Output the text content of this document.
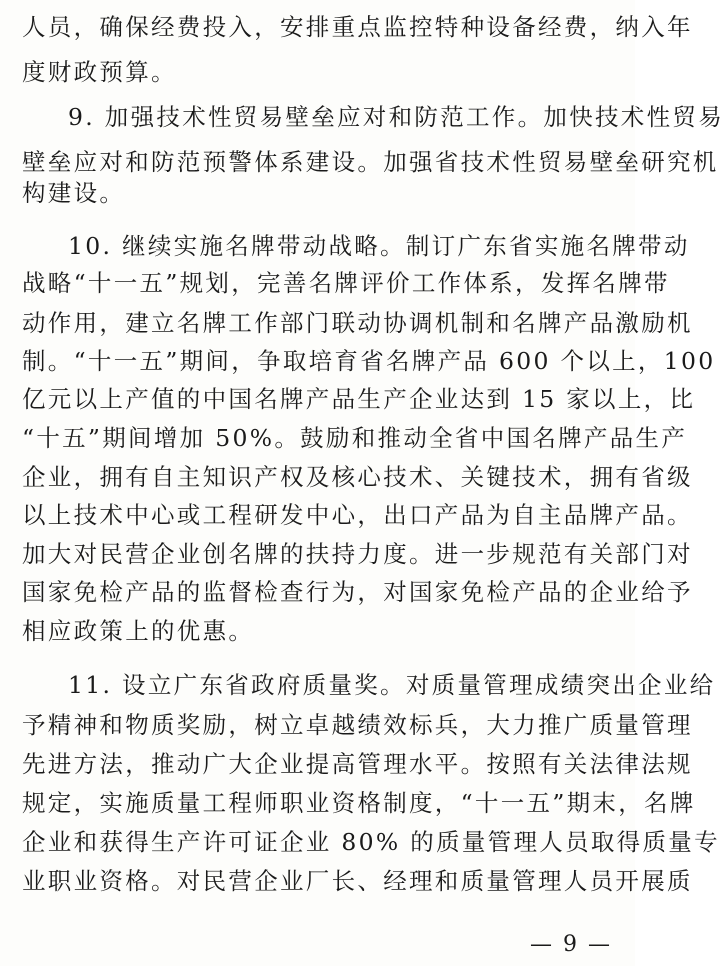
人员，确保经费投入，安排重点监控特种设备经费，纳入年
度财政预算。
9. 加强技术性贸易壁垒应对和防范工作。加快技术性贸易
壁垒应对和防范预警体系建设。加强省技术性贸易壁垒研究机
构建设。
10. 继续实施名牌带动战略。制订广东省实施名牌带动
战略“十一五”规划，完善名牌评价工作体系，发挥名牌带
动作用，建立名牌工作部门联动协调机制和名牌产品激励机
制。“十一五”期间，争取培育省名牌产品 600 个以上，100
亿元以上产值的中国名牌产品生产企业达到 15 家以上，比
“十五”期间增加 50%。鼓励和推动全省中国名牌产品生产
企业，拥有自主知识产权及核心技术、关键技术，拥有省级
以上技术中心或工程研发中心，出口产品为自主品牌产品。
加大对民营企业创名牌的扶持力度。进一步规范有关部门对
国家免检产品的监督检查行为，对国家免检产品的企业给予
相应政策上的优惠。
11. 设立广东省政府质量奖。对质量管理成绩突出企业给
予精神和物质奖励，树立卓越绩效标兵，大力推广质量管理
先进方法，推动广大企业提高管理水平。按照有关法律法规
规定，实施质量工程师职业资格制度，“十一五”期末，名牌
企业和获得生产许可证企业 80% 的质量管理人员取得质量专
业职业资格。对民营企业厂长、经理和质量管理人员开展质
— 9 —
